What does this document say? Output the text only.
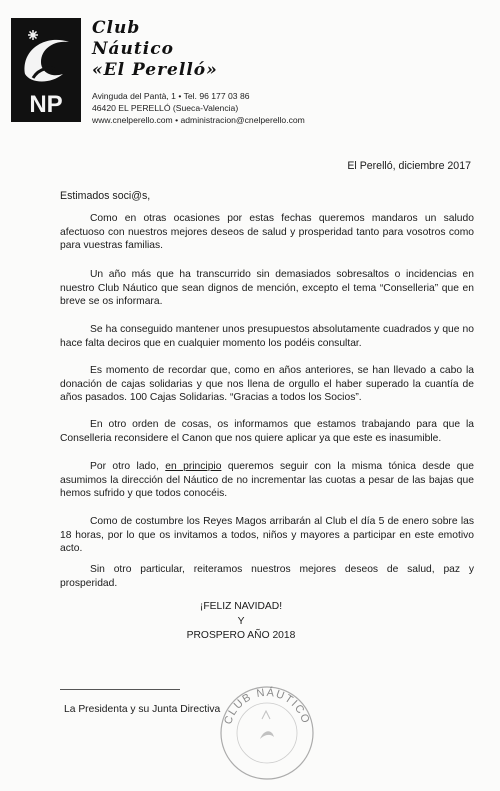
NP
Club
Náutico
«El Perelló»
Avinguda del Pantà, 1 • Tel. 96 177 03 86
46420 EL PERELLÓ (Sueca-Valencia)
www.cnelperello.com • administracion@cnelperello.com
El Perelló, diciembre 2017
Estimados soci@s,

Como en otras ocasiones por estas fechas queremos mandaros un saludo afectuoso con nuestros mejores deseos de salud y prosperidad tanto para vosotros como para vuestras familias.

Un año más que ha transcurrido sin demasiados sobresaltos o incidencias en nuestro Club Náutico que sean dignos de mención, excepto el tema “Conselleria” que en breve se os informara.

Se ha conseguido mantener unos presupuestos absolutamente cuadrados y que no hace falta deciros que en cualquier momento los podéis consultar.

Es momento de recordar que, como en años anteriores, se han llevado a cabo la donación de cajas solidarias y que nos llena de orgullo el haber superado la cuantía de años pasados. 100 Cajas Solidarias. “Gracias a todos los Socios”.

En otro orden de cosas, os informamos que estamos trabajando para que la Conselleria reconsidere el Canon que nos quiere aplicar ya que este es inasumible.

Por otro lado, en principio queremos seguir con la misma tónica desde que asumimos la dirección del Náutico de no incrementar las cuotas a pesar de las bajas que hemos sufrido y que todos conocéis.

Como de costumbre los Reyes Magos arribarán al Club el día 5 de enero sobre las 18 horas, por lo que os invitamos a todos, niños y mayores a participar en este emotivo acto.

Sin otro particular, reiteramos nuestros mejores deseos de salud, paz y prosperidad.

¡FELIZ NAVIDAD!
Y
PROSPERO AÑO 2018
La Presidenta y su Junta Directiva
CLUB NÁUTICO
